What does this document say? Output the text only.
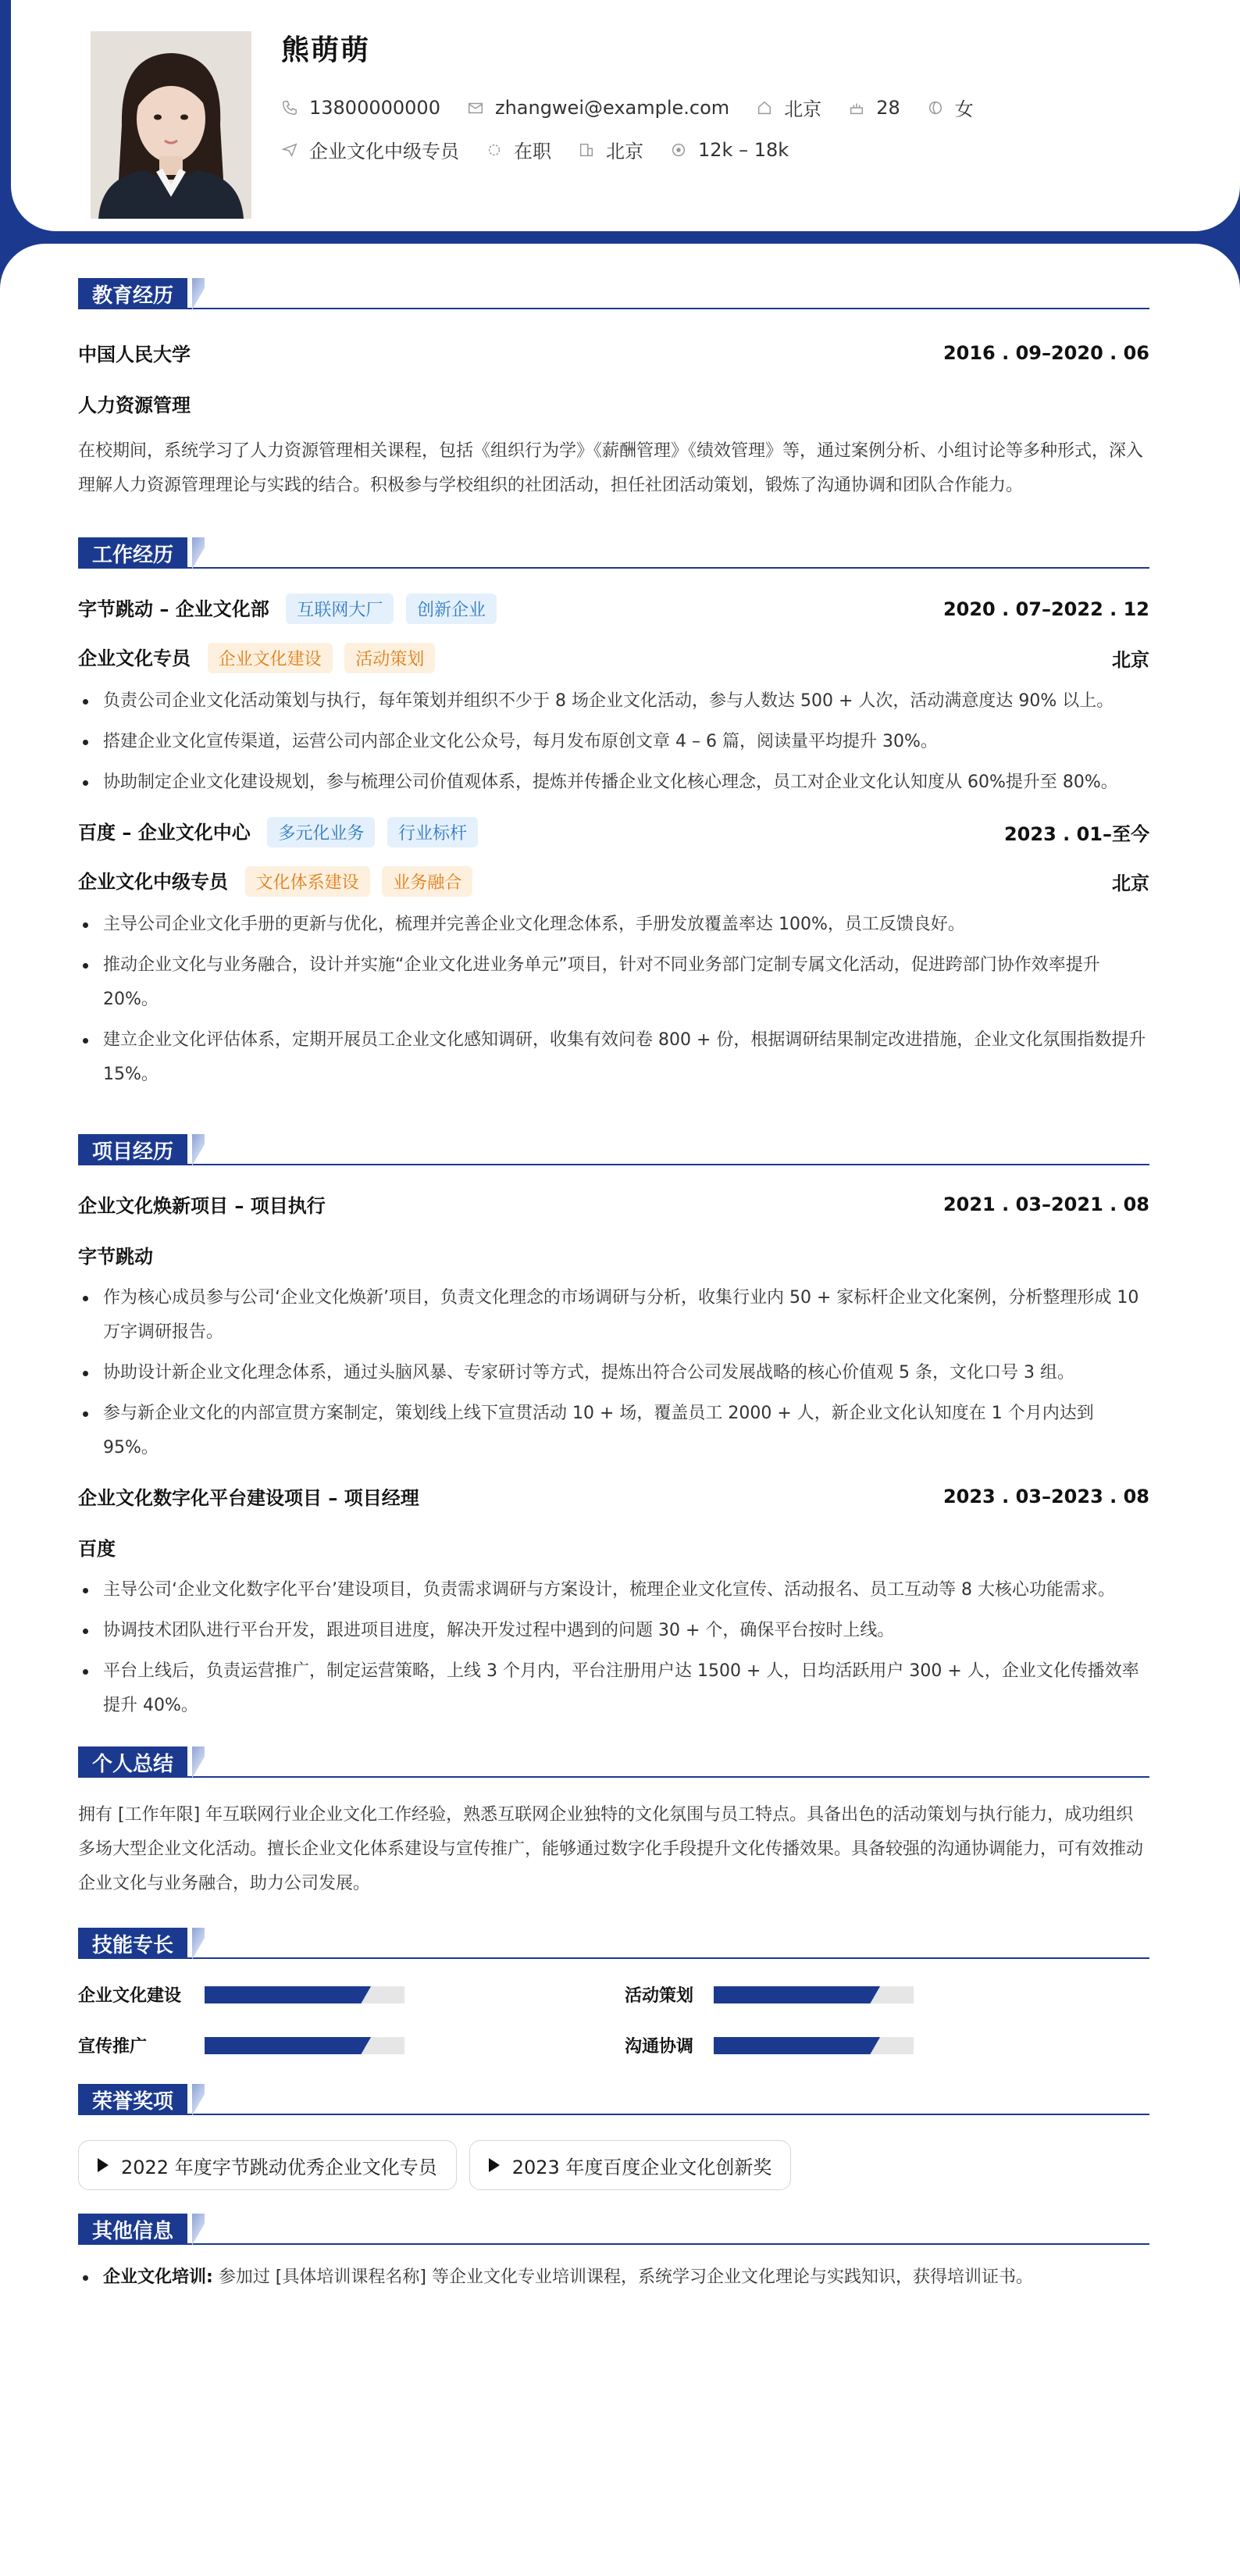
熊萌萌
13800000000	zhangwei@example.com	北京	28	女
企业文化中级专员	在职	北京	12k – 18k
教育经历
中国人民大学	2016 . 09–2020 . 06
人力资源管理

在校期间，系统学习了人力资源管理相关课程，包括《组织行为学》《薪酬管理》《绩效管理》等，通过案例分析、小组讨论等多种形式，深入理解人力资源管理理论与实践的结合。积极参与学校组织的社团活动，担任社团活动策划，锻炼了沟通协调和团队合作能力。

工作经历
字节跳动 – 企业文化部 互联网大厂 创新企业	2020 . 07–2022 . 12
企业文化专员 企业文化建设 活动策划	北京
负责公司企业文化活动策划与执行，每年策划并组织不少于 8 场企业文化活动，参与人数达 500 + 人次，活动满意度达 90% 以上。
搭建企业文化宣传渠道，运营公司内部企业文化公众号，每月发布原创文章 4 – 6 篇，阅读量平均提升 30%。
协助制定企业文化建设规划，参与梳理公司价值观体系，提炼并传播企业文化核心理念，员工对企业文化认知度从 60%提升至 80%。
百度 – 企业文化中心 多元化业务 行业标杆	2023 . 01–至今
企业文化中级专员 文化体系建设 业务融合	北京
主导公司企业文化手册的更新与优化，梳理并完善企业文化理念体系，手册发放覆盖率达 100%，员工反馈良好。
推动企业文化与业务融合，设计并实施“企业文化进业务单元”项目，针对不同业务部门定制专属文化活动，促进跨部门协作效率提升 20%。
建立企业文化评估体系，定期开展员工企业文化感知调研，收集有效问卷 800 + 份，根据调研结果制定改进措施，企业文化氛围指数提升 15%。
项目经历
企业文化焕新项目 – 项目执行	2021 . 03–2021 . 08
字节跳动
作为核心成员参与公司‘企业文化焕新’项目，负责文化理念的市场调研与分析，收集行业内 50 + 家标杆企业文化案例，分析整理形成 10 万字调研报告。
协助设计新企业文化理念体系，通过头脑风暴、专家研讨等方式，提炼出符合公司发展战略的核心价值观 5 条，文化口号 3 组。
参与新企业文化的内部宣贯方案制定，策划线上线下宣贯活动 10 + 场，覆盖员工 2000 + 人，新企业文化认知度在 1 个月内达到 95%。
企业文化数字化平台建设项目 – 项目经理	2023 . 03–2023 . 08
百度
主导公司‘企业文化数字化平台’建设项目，负责需求调研与方案设计，梳理企业文化宣传、活动报名、员工互动等 8 大核心功能需求。
协调技术团队进行平台开发，跟进项目进度，解决开发过程中遇到的问题 30 + 个，确保平台按时上线。
平台上线后，负责运营推广，制定运营策略，上线 3 个月内，平台注册用户达 1500 + 人，日均活跃用户 300 + 人，企业文化传播效率提升 40%。
个人总结

拥有 [工作年限] 年互联网行业企业文化工作经验，熟悉互联网企业独特的文化氛围与员工特点。具备出色的活动策划与执行能力，成功组织多场大型企业文化活动。擅长企业文化体系建设与宣传推广，能够通过数字化手段提升文化传播效果。具备较强的沟通协调能力，可有效推动企业文化与业务融合，助力公司发展。

技能专长
企业文化建设	活动策划
宣传推广	沟通协调
荣誉奖项
2022 年度字节跳动优秀企业文化专员	2023 年度百度企业文化创新奖
其他信息
企业文化培训: 参加过 [具体培训课程名称] 等企业文化专业培训课程，系统学习企业文化理论与实践知识，获得培训证书。
